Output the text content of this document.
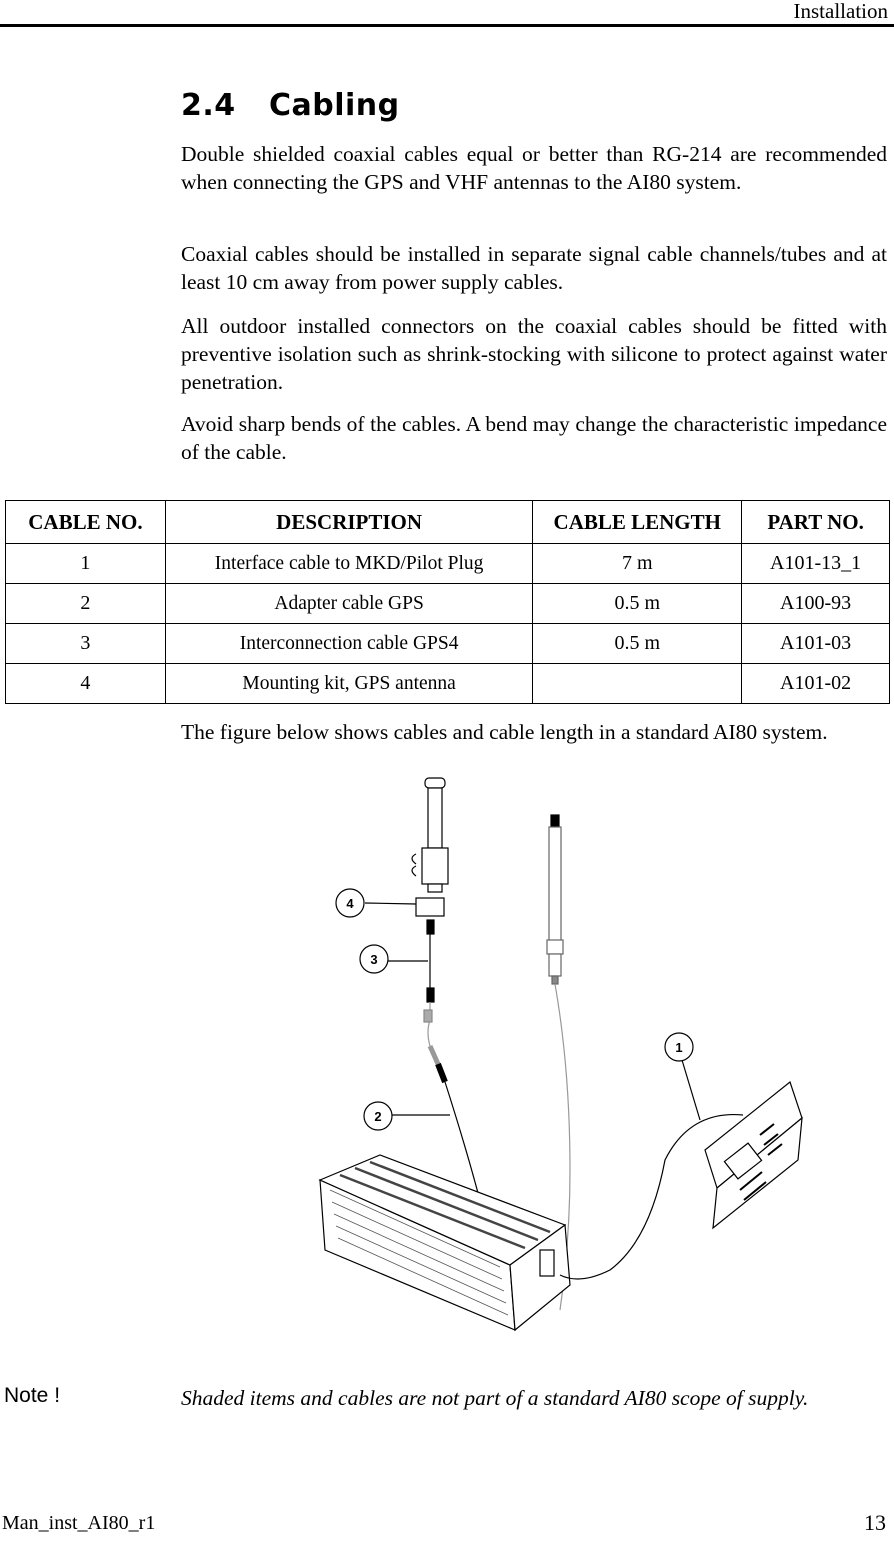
Installation
2.4 Cabling

Double shielded coaxial cables equal or better than RG-214 are recommended when connecting the GPS and VHF antennas to the AI80 system.

Coaxial cables should be installed in separate signal cable channels/tubes and at least 10 cm away from power supply cables.

All outdoor installed connectors on the coaxial cables should be fitted with preventive isolation such as shrink-stocking with silicone to protect against water penetration.

Avoid sharp bends of the cables. A bend may change the characteristic impedance of the cable.

CABLE NO.	DESCRIPTION	CABLE LENGTH	PART NO.
1	Interface cable to MKD/Pilot Plug	7 m	A101-13_1
2	Adapter cable GPS	0.5 m	A100-93
3	Interconnection cable GPS4	0.5 m	A101-03
4	Mounting kit, GPS antenna		A101-02

The figure below shows cables and cable length in a standard AI80 system.

4
3
2
1
Note !	Shaded items and cables are not part of a standard AI80 scope of supply.

Man_inst_AI80_r1	13
